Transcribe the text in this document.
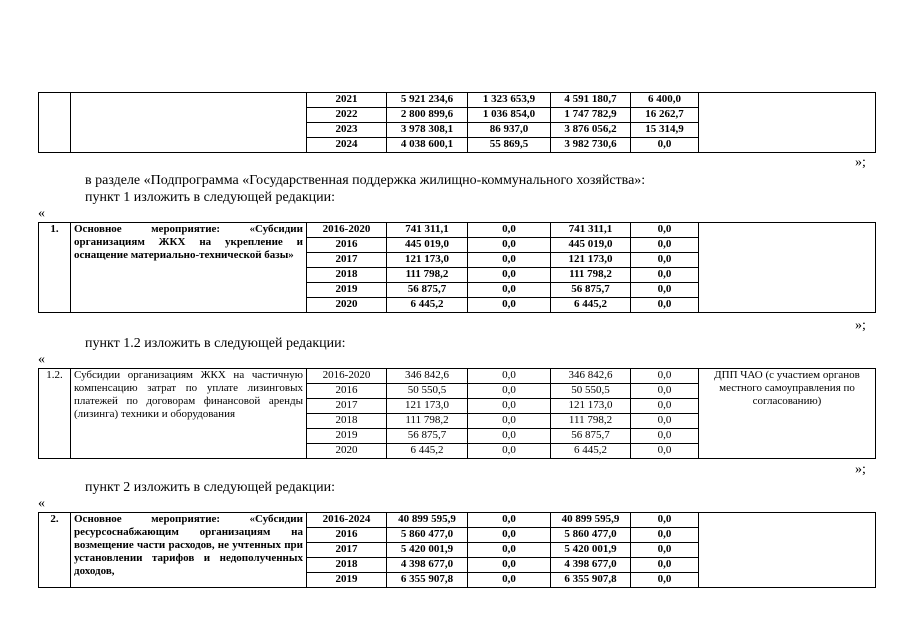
		2021	5 921 234,6	1 323 653,9	4 591 180,7	6 400,0	
		2022	2 800 899,6	1 036 854,0	1 747 782,9	16 262,7	
		2023	3 978 308,1	86 937,0	3 876 056,2	15 314,9	
		2024	4 038 600,1	55 869,5	3 982 730,6	0,0	
»;
в разделе «Подпрограмма «Государственная поддержка жилищно-коммунального хозяйства»:
пункт 1 изложить в следующей редакции:
«
1.	Основное мероприятие: «Субсидии организациям ЖКХ на укрепление и оснащение материально-технической базы»	2016-2020	741 311,1	0,0	741 311,1	0,0	
		2016	445 019,0	0,0	445 019,0	0,0	
		2017	121 173,0	0,0	121 173,0	0,0	
		2018	111 798,2	0,0	111 798,2	0,0	
		2019	56 875,7	0,0	56 875,7	0,0	
		2020	6 445,2	0,0	6 445,2	0,0	
»;
пункт 1.2 изложить в следующей редакции:
«
1.2.	Субсидии организациям ЖКХ на частичную компенсацию затрат по уплате лизинговых платежей по договорам финансовой аренды (лизинга) техники и оборудования	2016-2020	346 842,6	0,0	346 842,6	0,0	ДПП ЧАО (с участием органов местного самоуправления по согласованию)
		2016	50 550,5	0,0	50 550,5	0,0	
		2017	121 173,0	0,0	121 173,0	0,0	
		2018	111 798,2	0,0	111 798,2	0,0	
		2019	56 875,7	0,0	56 875,7	0,0	
		2020	6 445,2	0,0	6 445,2	0,0	
»;
пункт 2 изложить в следующей редакции:
«
2.	Основное мероприятие: «Субсидии ресурсоснабжающим организациям на возмещение части расходов, не учтенных при установлении тарифов и недополученных доходов,	2016-2024	40 899 595,9	0,0	40 899 595,9	0,0	
		2016	5 860 477,0	0,0	5 860 477,0	0,0	
		2017	5 420 001,9	0,0	5 420 001,9	0,0	
		2018	4 398 677,0	0,0	4 398 677,0	0,0	
		2019	6 355 907,8	0,0	6 355 907,8	0,0	
